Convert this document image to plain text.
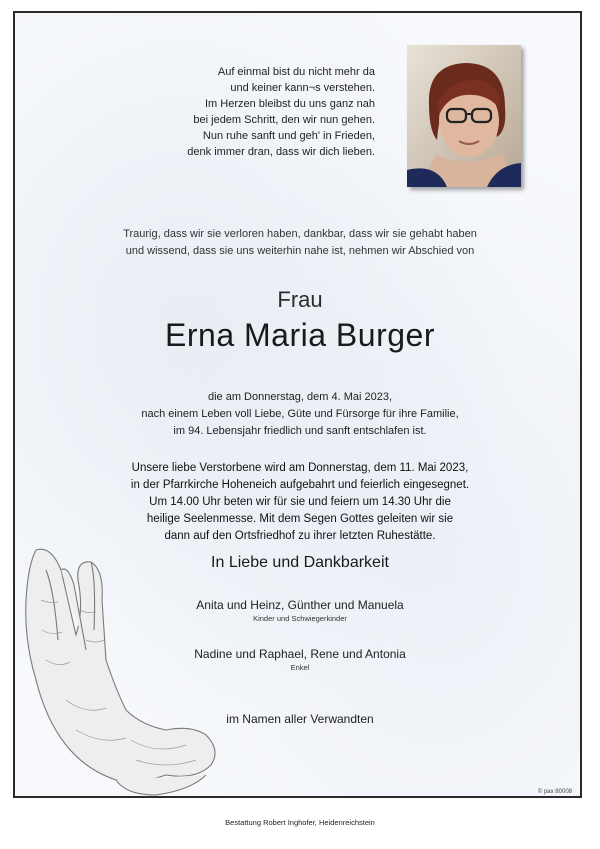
Auf einmal bist du nicht mehr da
und keiner kann¬s verstehen.
Im Herzen bleibst du uns ganz nah
bei jedem Schritt, den wir nun gehen.
Nun ruhe sanft und geh' in Frieden,
denk immer dran, dass wir dich lieben.
Traurig, dass wir sie verloren haben, dankbar, dass wir sie gehabt haben
und wissend, dass sie uns weiterhin nahe ist, nehmen wir Abschied von
Frau
Erna Maria Burger
die am Donnerstag, dem 4. Mai 2023,
nach einem Leben voll Liebe, Güte und Fürsorge für ihre Familie,
im 94. Lebensjahr friedlich und sanft entschlafen ist.
Unsere liebe Verstorbene wird am Donnerstag, dem 11. Mai 2023,
in der Pfarrkirche Hoheneich aufgebahrt und feierlich eingesegnet.
Um 14.00 Uhr beten wir für sie und feiern um 14.30 Uhr die
heilige Seelenmesse. Mit dem Segen Gottes geleiten wir sie
dann auf den Ortsfriedhof zu ihrer letzten Ruhestätte.
In Liebe und Dankbarkeit
Anita und Heinz, Günther und Manuela
Kinder und Schwiegerkinder
Nadine und Raphael, Rene und Antonia
Enkel
im Namen aller Verwandten
© pax 80008
Bestattung Robert Inghofer, Heidenreichstein
